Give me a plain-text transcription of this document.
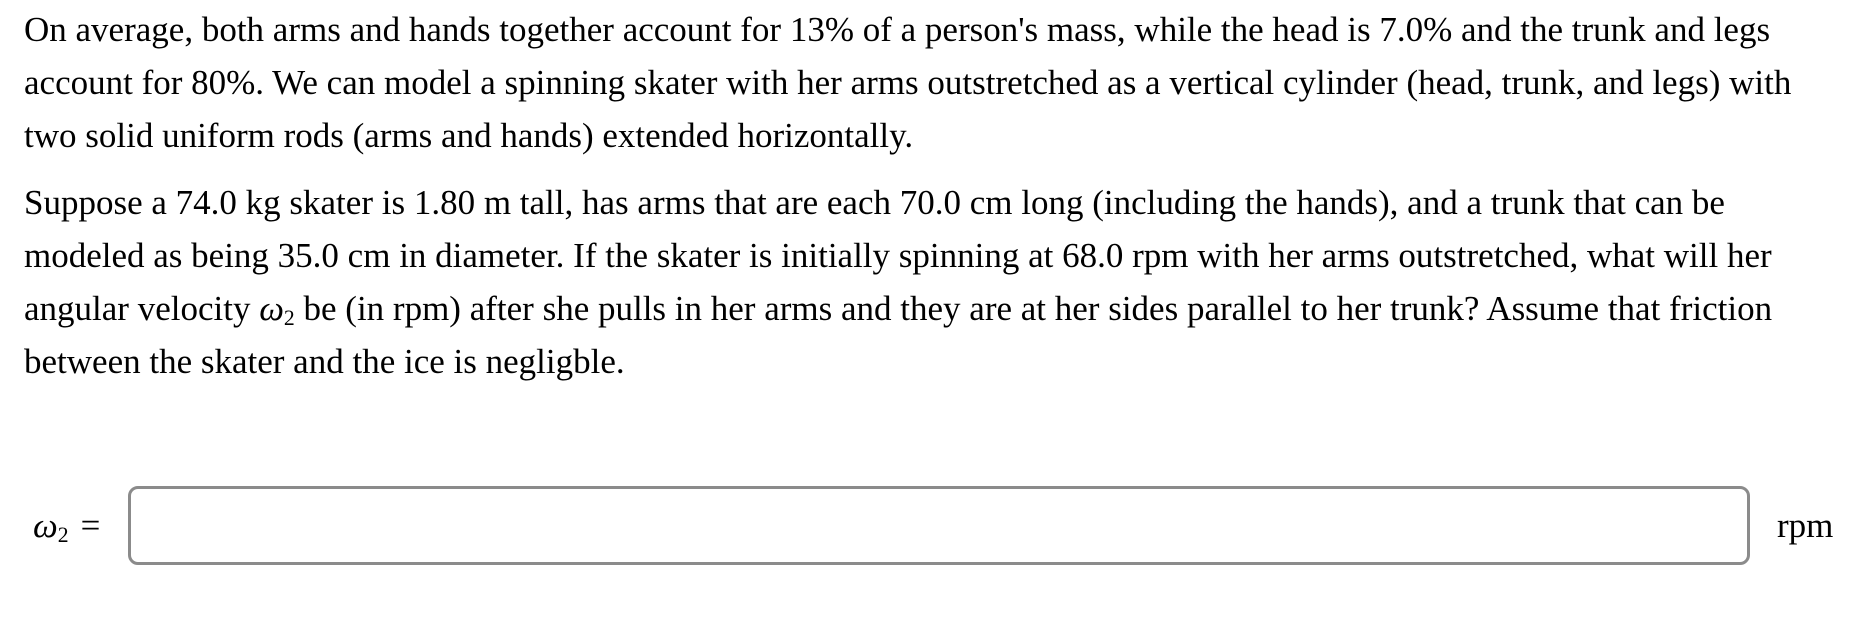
On average, both arms and hands together account for 13% of a person's mass, while the head is 7.0% and the trunk and legs
account for 80%. We can model a spinning skater with her arms outstretched as a vertical cylinder (head, trunk, and legs) with
two solid uniform rods (arms and hands) extended horizontally.

Suppose a 74.0 kg skater is 1.80 m tall, has arms that are each 70.0 cm long (including the hands), and a trunk that can be
modeled as being 35.0 cm in diameter. If the skater is initially spinning at 68.0 rpm with her arms outstretched, what will her
angular velocity $\omega_2$ be (in rpm) after she pulls in her arms and they are at her sides parallel to her trunk? Assume that friction
between the skater and the ice is negligble.

$\omega_2$ =	rpm
